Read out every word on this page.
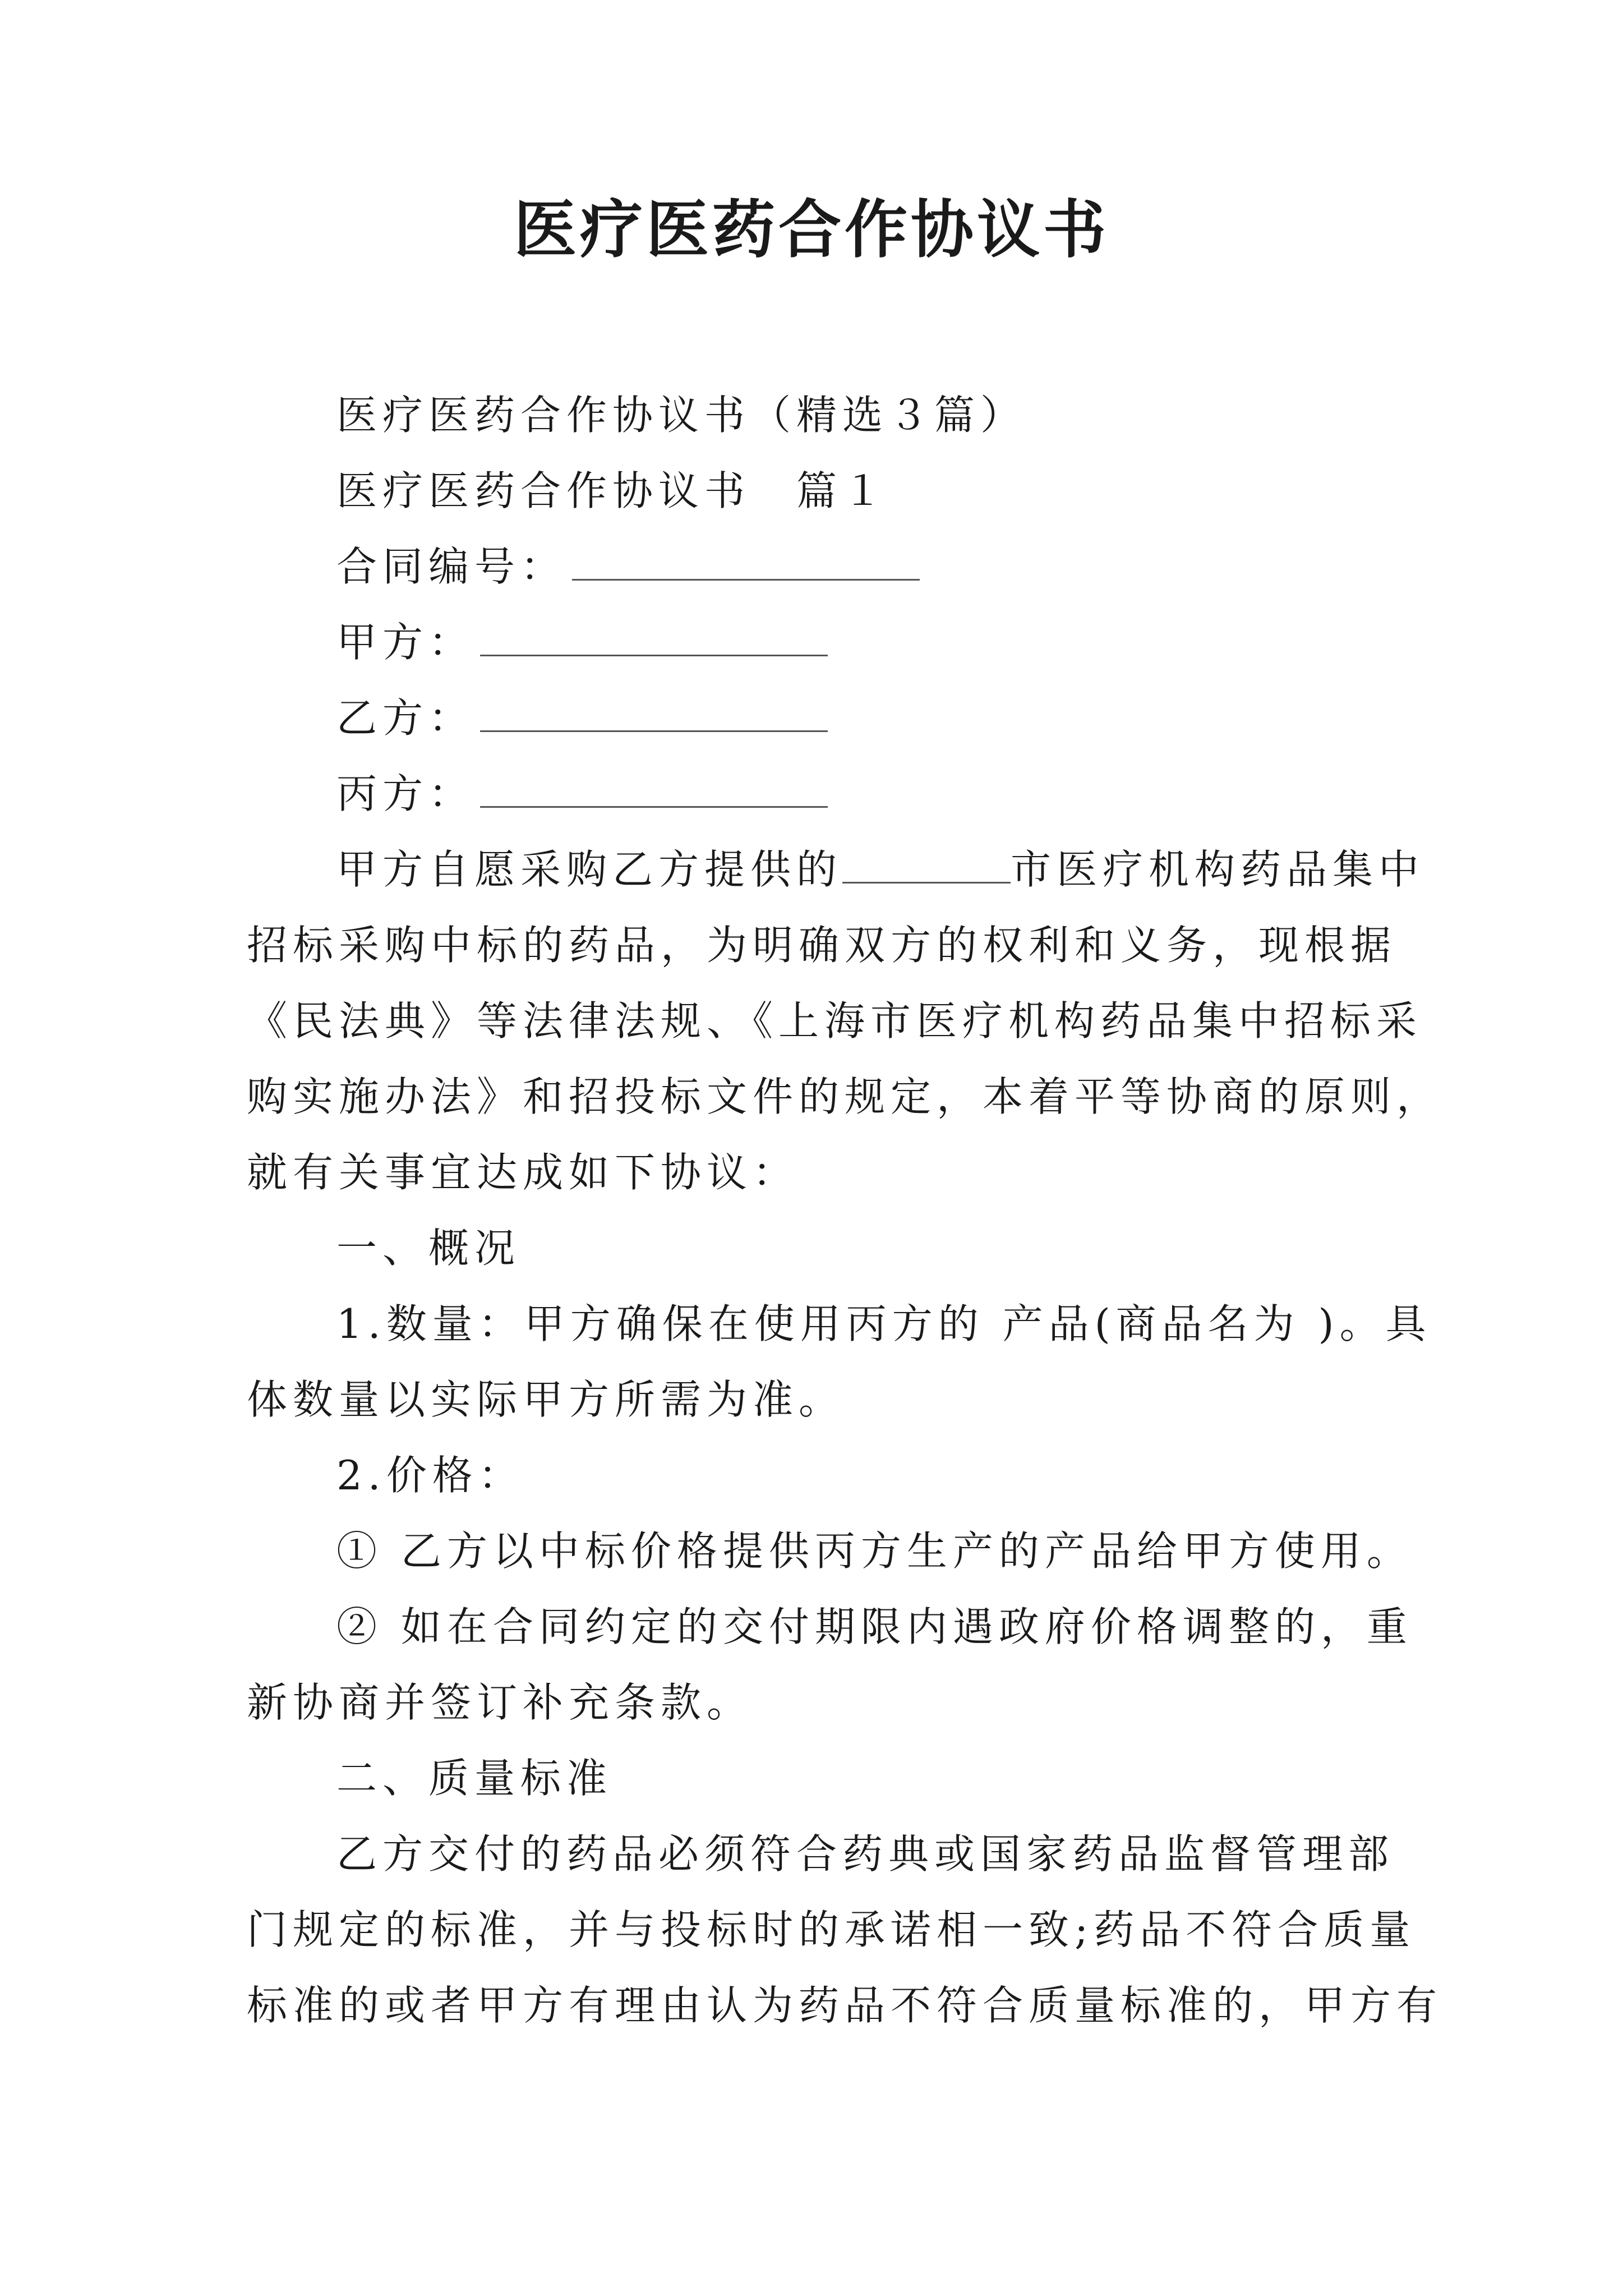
医疗医药合作协议书
医疗医药合作协议书（精选３篇）
医疗医药合作协议书　篇１
合同编号：
甲方：
乙方：
丙方：
甲方自愿采购乙方提供的	市医疗机构药品集中
招标采购中标的药品，为明确双方的权利和义务，现根据
《民法典》等法律法规、《上海市医疗机构药品集中招标采
购实施办法》和招投标文件的规定，本着平等协商的原则，
就有关事宜达成如下协议：
一、概况
1.数量：甲方确保在使用丙方的 产品(商品名为 )。具
体数量以实际甲方所需为准。
2.价格：
① 乙方以中标价格提供丙方生产的产品给甲方使用。
② 如在合同约定的交付期限内遇政府价格调整的，重
新协商并签订补充条款。
二、质量标准
乙方交付的药品必须符合药典或国家药品监督管理部
门规定的标准，并与投标时的承诺相一致;药品不符合质量
标准的或者甲方有理由认为药品不符合质量标准的，甲方有
